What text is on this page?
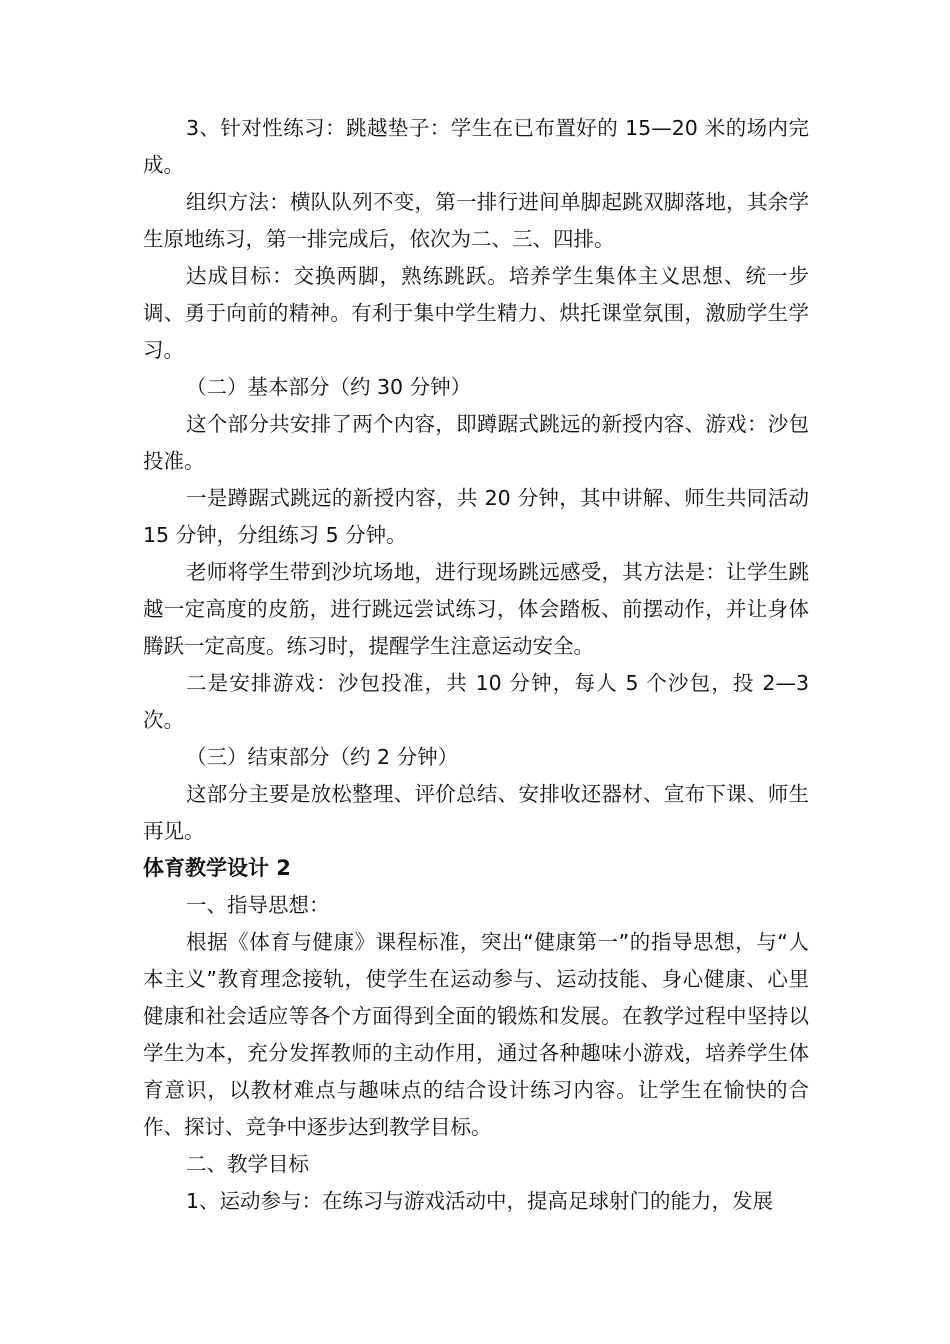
3、针对性练习：跳越垫子：学生在已布置好的 15—20 米的场内完成。

组织方法：横队队列不变，第一排行进间单脚起跳双脚落地，其余学生原地练习，第一排完成后，依次为二、三、四排。

达成目标：交换两脚，熟练跳跃。培养学生集体主义思想、统一步调、勇于向前的精神。有利于集中学生精力、烘托课堂氛围，激励学生学习。

（二）基本部分（约 30 分钟）

这个部分共安排了两个内容，即蹲踞式跳远的新授内容、游戏：沙包投准。

一是蹲踞式跳远的新授内容，共 20 分钟，其中讲解、师生共同活动 15 分钟，分组练习 5 分钟。

老师将学生带到沙坑场地，进行现场跳远感受，其方法是：让学生跳越一定高度的皮筋，进行跳远尝试练习，体会踏板、前摆动作，并让身体腾跃一定高度。练习时，提醒学生注意运动安全。

二是安排游戏：沙包投准，共 10 分钟，每人 5 个沙包，投 2—3 次。

（三）结束部分（约 2 分钟）

这部分主要是放松整理、评价总结、安排收还器材、宣布下课、师生再见。

体育教学设计 2

一、指导思想：

根据《体育与健康》课程标准，突出“健康第一”的指导思想，与“人本主义”教育理念接轨，使学生在运动参与、运动技能、身心健康、心里健康和社会适应等各个方面得到全面的锻炼和发展。在教学过程中坚持以学生为本，充分发挥教师的主动作用，通过各种趣味小游戏，培养学生体育意识，以教材难点与趣味点的结合设计练习内容。让学生在愉快的合作、探讨、竞争中逐步达到教学目标。

二、教学目标

1、运动参与：在练习与游戏活动中，提高足球射门的能力，发展
